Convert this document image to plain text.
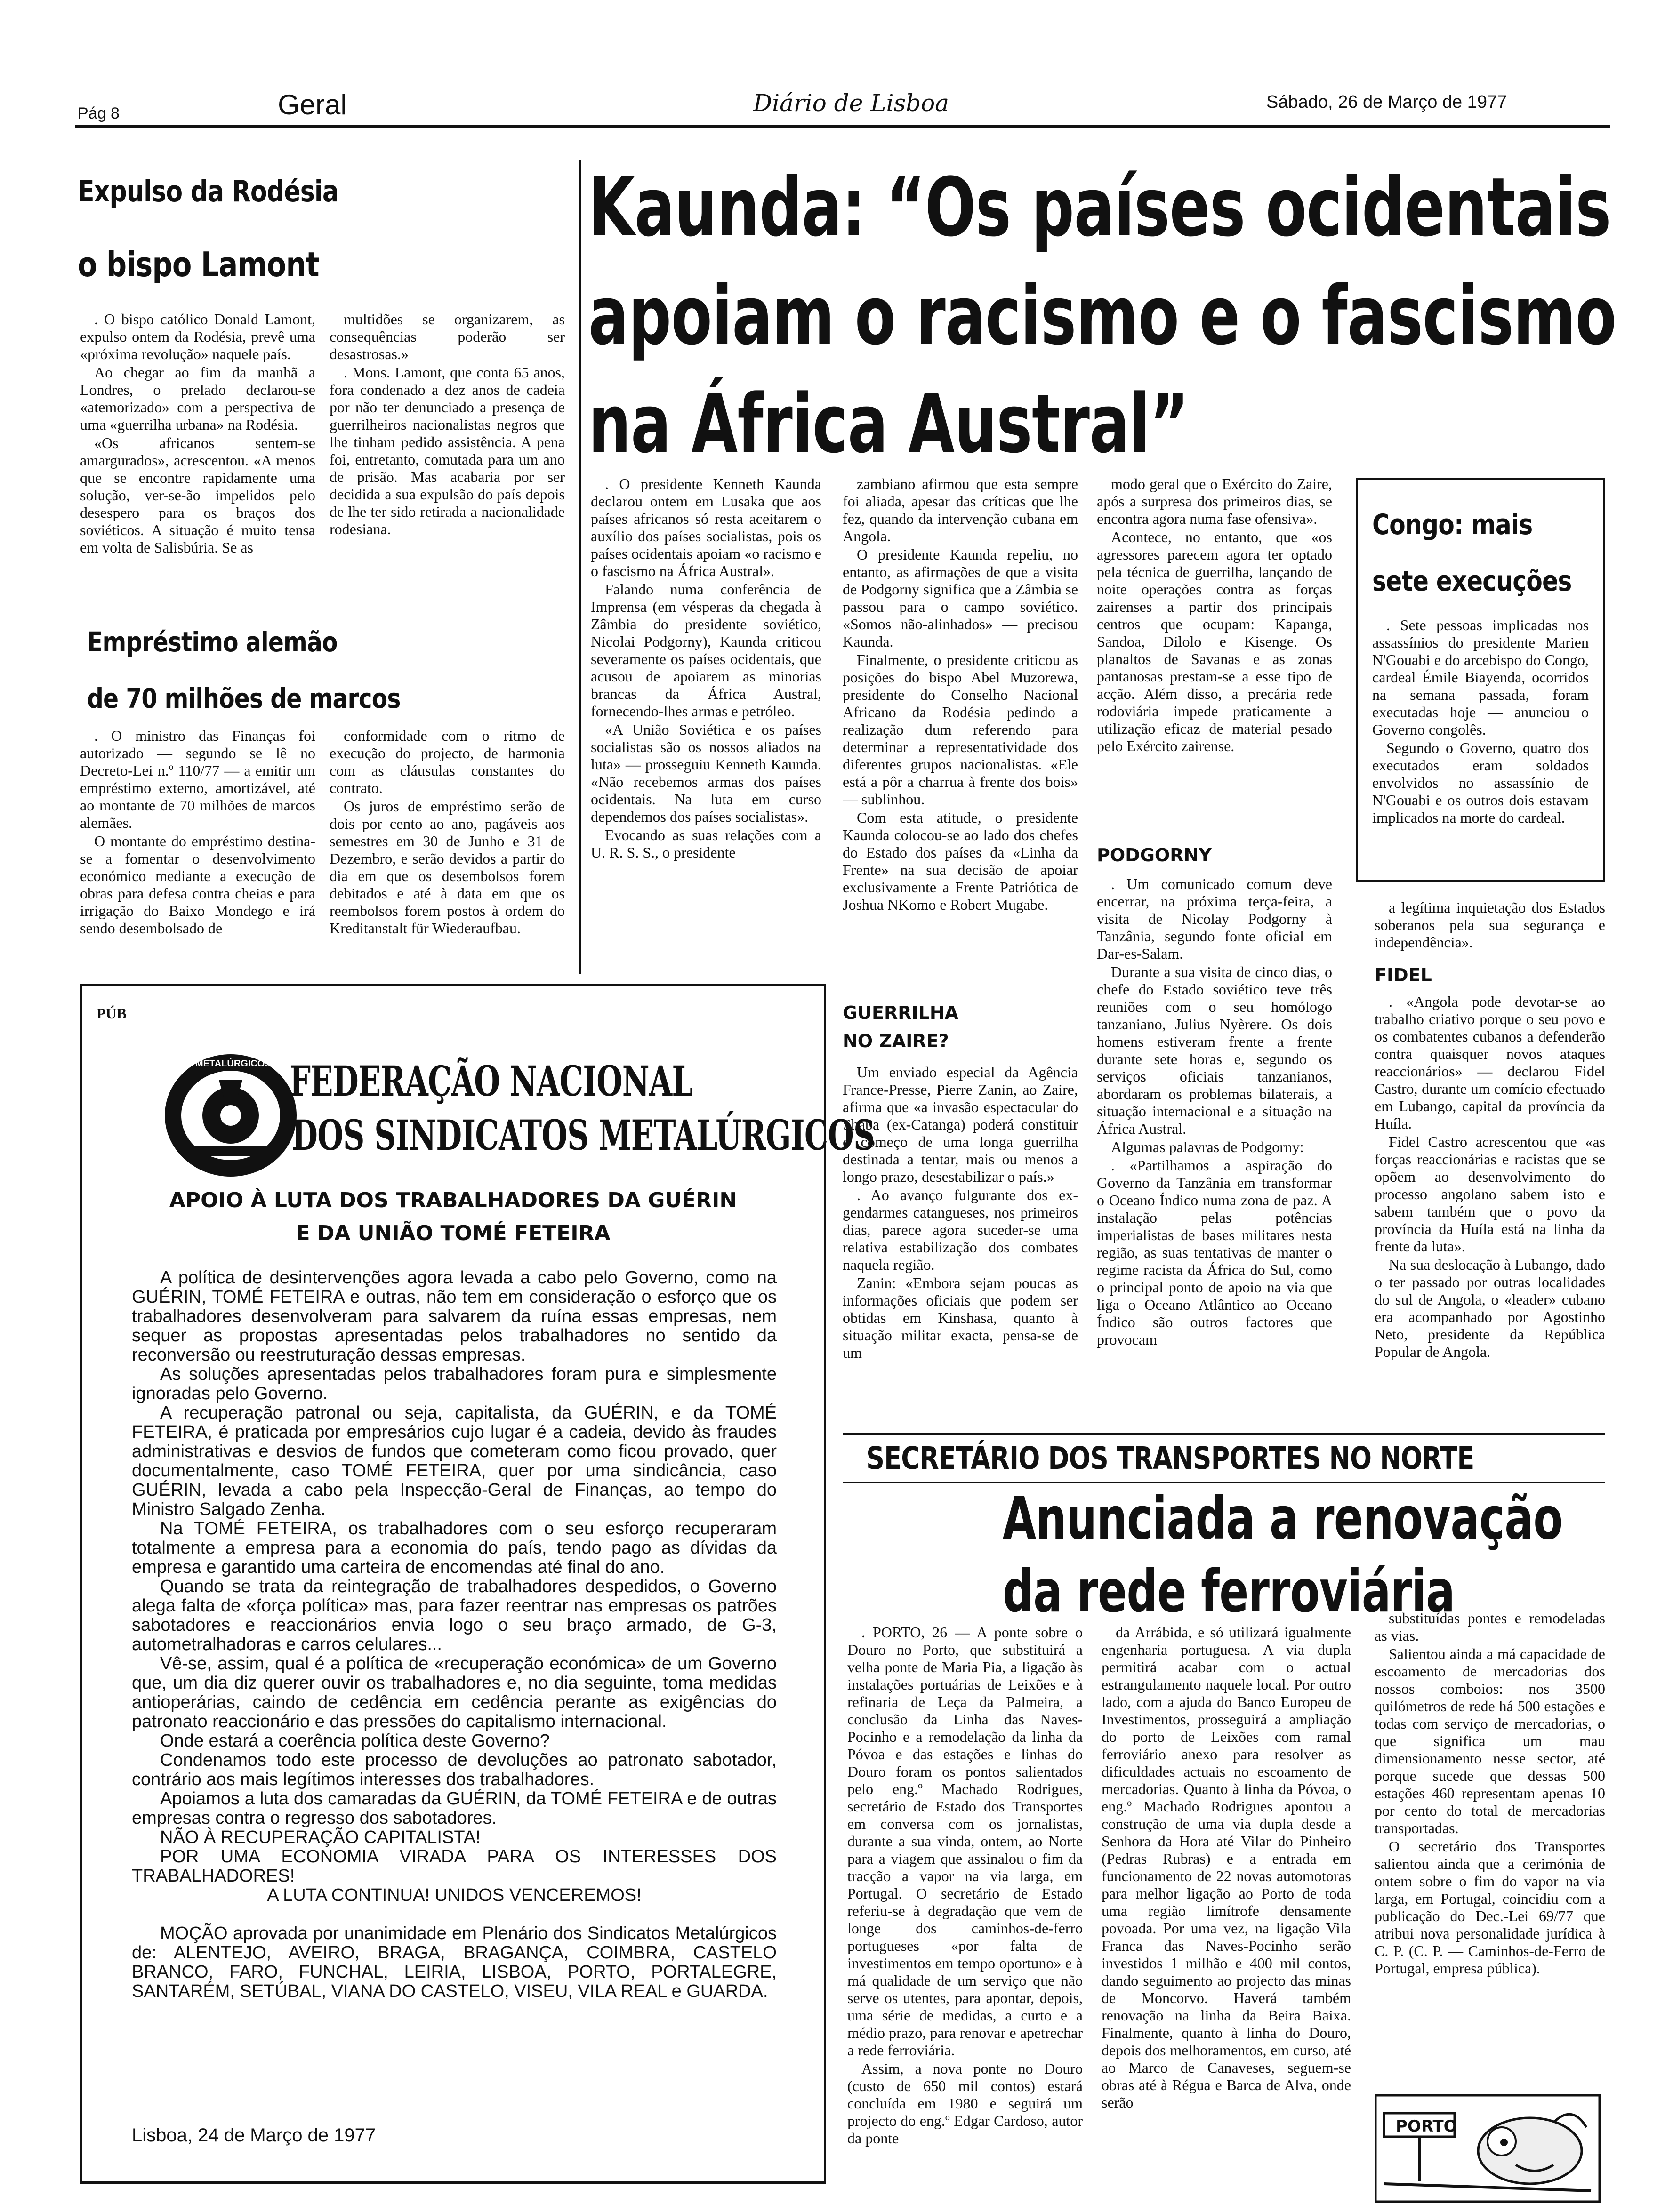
Pág 8	Geral	Diário de Lisboa	Sábado, 26 de Março de 1977
Expulso da Rodésia
o bispo Lamont

. O bispo católico Donald Lamont, expulso ontem da Rodésia, prevê uma «próxima revolução» naquele país.

Ao chegar ao fim da manhã a Londres, o prelado declarou-se «atemorizado» com a perspectiva de uma «guerrilha urbana» na Rodésia.

«Os africanos sentem-se amargurados», acrescentou. «A menos que se encontre rapidamente uma solução, ver-se-ão impelidos pelo desespero para os braços dos soviéticos. A situação é muito tensa em volta de Salisbúria. Se as

multidões se organizarem, as consequências poderão ser desastrosas.»

. Mons. Lamont, que conta 65 anos, fora condenado a dez anos de cadeia por não ter denunciado a presença de guerrilheiros nacionalistas negros que lhe tinham pedido assistência. A pena foi, entretanto, comutada para um ano de prisão. Mas acabaria por ser decidida a sua expulsão do país depois de lhe ter sido retirada a nacionalidade rodesiana.

Empréstimo alemão
de 70 milhões de marcos

. O ministro das Finanças foi autorizado — segundo se lê no Decreto-Lei n.º 110/77 — a emitir um empréstimo externo, amortizável, até ao montante de 70 milhões de marcos alemães.

O montante do empréstimo destina-se a fomentar o desenvolvimento económico mediante a execução de obras para defesa contra cheias e para irrigação do Baixo Mondego e irá sendo desembolsado de

conformidade com o ritmo de execução do projecto, de harmonia com as cláusulas constantes do contrato.

Os juros de empréstimo serão de dois por cento ao ano, pagáveis aos semestres em 30 de Junho e 31 de Dezembro, e serão devidos a partir do dia em que os desembolsos forem debitados e até à data em que os reembolsos forem postos à ordem do Kreditanstalt für Wiederaufbau.

Kaunda: “Os países ocidentais
apoiam o racismo e o fascismo
na África Austral”

. O presidente Kenneth Kaunda declarou ontem em Lusaka que aos países africanos só resta aceitarem o auxílio dos países socialistas, pois os países ocidentais apoiam «o racismo e o fascismo na África Austral».

Falando numa conferência de Imprensa (em vésperas da chegada à Zâmbia do presidente soviético, Nicolai Podgorny), Kaunda criticou severamente os países ocidentais, que acusou de apoiarem as minorias brancas da África Austral, fornecendo-lhes armas e petróleo.

«A União Soviética e os países socialistas são os nossos aliados na luta» — prosseguiu Kenneth Kaunda. «Não recebemos armas dos países ocidentais. Na luta em curso dependemos dos países socialistas».

Evocando as suas relações com a U. R. S. S., o presidente

zambiano afirmou que esta sempre foi aliada, apesar das críticas que lhe fez, quando da intervenção cubana em Angola.

O presidente Kaunda repeliu, no entanto, as afirmações de que a visita de Podgorny significa que a Zâmbia se passou para o campo soviético. «Somos não-alinhados» — precisou Kaunda.

Finalmente, o presidente criticou as posições do bispo Abel Muzorewa, presidente do Conselho Nacional Africano da Rodésia pedindo a realização dum referendo para determinar a representatividade dos diferentes grupos nacionalistas. «Ele está a pôr a charrua à frente dos bois» — sublinhou.

Com esta atitude, o presidente Kaunda colocou-se ao lado dos chefes do Estado dos países da «Linha da Frente» na sua decisão de apoiar exclusivamente a Frente Patriótica de Joshua NKomo e Robert Mugabe.

GUERRILHA
NO ZAIRE?

Um enviado especial da Agência France-Presse, Pierre Zanin, ao Zaire, afirma que «a invasão espectacular do Shaba (ex-Catanga) poderá constituir o começo de uma longa guerrilha destinada a tentar, mais ou menos a longo prazo, desestabilizar o país.»

. Ao avanço fulgurante dos ex-gendarmes catangueses, nos primeiros dias, parece agora suceder-se uma relativa estabilização dos combates naquela região.

Zanin: «Embora sejam poucas as informações oficiais que podem ser obtidas em Kinshasa, quanto à situação militar exacta, pensa-se de um

modo geral que o Exército do Zaire, após a surpresa dos primeiros dias, se encontra agora numa fase ofensiva».

Acontece, no entanto, que «os agressores parecem agora ter optado pela técnica de guerrilha, lançando de noite operações contra as forças zairenses a partir dos principais centros que ocupam: Kapanga, Sandoa, Dilolo e Kisenge. Os planaltos de Savanas e as zonas pantanosas prestam-se a esse tipo de acção. Além disso, a precária rede rodoviária impede praticamente a utilização eficaz de material pesado pelo Exército zairense.

PODGORNY

. Um comunicado comum deve encerrar, na próxima terça-feira, a visita de Nicolay Podgorny à Tanzânia, segundo fonte oficial em Dar-es-Salam.

Durante a sua visita de cinco dias, o chefe do Estado soviético teve três reuniões com o seu homólogo tanzaniano, Julius Nyèrere. Os dois homens estiveram frente a frente durante sete horas e, segundo os serviços oficiais tanzanianos, abordaram os problemas bilaterais, a situação internacional e a situação na África Austral.

Algumas palavras de Podgorny:

. «Partilhamos a aspiração do Governo da Tanzânia em transformar o Oceano Índico numa zona de paz. A instalação pelas potências imperialistas de bases militares nesta região, as suas tentativas de manter o regime racista da África do Sul, como o principal ponto de apoio na via que liga o Oceano Atlântico ao Oceano Índico são outros factores que provocam

Congo: mais
sete execuções

. Sete pessoas implicadas nos assassínios do presidente Marien N'Gouabi e do arcebispo do Congo, cardeal Émile Biayenda, ocorridos na semana passada, foram executadas hoje — anunciou o Governo congolês.

Segundo o Governo, quatro dos executados eram soldados envolvidos no assassínio de N'Gouabi e os outros dois estavam implicados na morte do cardeal.

a legítima inquietação dos Estados soberanos pela sua segurança e independência».

FIDEL

. «Angola pode devotar-se ao trabalho criativo porque o seu povo e os combatentes cubanos a defenderão contra quaisquer novos ataques reaccionários» — declarou Fidel Castro, durante um comício efectuado em Lubango, capital da província da Huíla.

Fidel Castro acrescentou que «as forças reaccionárias e racistas que se opõem ao desenvolvimento do processo angolano sabem isto e sabem também que o povo da província da Huíla está na linha da frente da luta».

Na sua deslocação à Lubango, dado o ter passado por outras localidades do sul de Angola, o «leader» cubano era acompanhado por Agostinho Neto, presidente da República Popular de Angola.

PÚB
METALÚRGICOS FEDERAÇÃO NACIONAL
DOS SINDICATOS METALÚRGICOS
APOIO À LUTA DOS TRABALHADORES DA GUÉRIN
E DA UNIÃO TOMÉ FETEIRA

A política de desintervenções agora levada a cabo pelo Governo, como na GUÉRIN, TOMÉ FETEIRA e outras, não tem em consideração o esforço que os trabalhadores desenvolveram para salvarem da ruína essas empresas, nem sequer as propostas apresentadas pelos trabalhadores no sentido da reconversão ou reestruturação dessas empresas.

As soluções apresentadas pelos trabalhadores foram pura e simplesmente ignoradas pelo Governo.

A recuperação patronal ou seja, capitalista, da GUÉRIN, e da TOMÉ FETEIRA, é praticada por empresários cujo lugar é a cadeia, devido às fraudes administrativas e desvios de fundos que cometeram como ficou provado, quer documentalmente, caso TOMÉ FETEIRA, quer por uma sindicância, caso GUÉRIN, levada a cabo pela Inspecção-Geral de Finanças, ao tempo do Ministro Salgado Zenha.

Na TOMÉ FETEIRA, os trabalhadores com o seu esforço recuperaram totalmente a empresa para a economia do país, tendo pago as dívidas da empresa e garantido uma carteira de encomendas até final do ano.

Quando se trata da reintegração de trabalhadores despedidos, o Governo alega falta de «força política» mas, para fazer reentrar nas empresas os patrões sabotadores e reaccionários envia logo o seu braço armado, de G-3, autometralhadoras e carros celulares...

Vê-se, assim, qual é a política de «recuperação económica» de um Governo que, um dia diz querer ouvir os trabalhadores e, no dia seguinte, toma medidas antioperárias, caindo de cedência em cedência perante as exigências do patronato reaccionário e das pressões do capitalismo internacional.

Onde estará a coerência política deste Governo?

Condenamos todo este processo de devoluções ao patronato sabotador, contrário aos mais legítimos interesses dos trabalhadores.

Apoiamos a luta dos camaradas da GUÉRIN, da TOMÉ FETEIRA e de outras empresas contra o regresso dos sabotadores.

NÃO À RECUPERAÇÃO CAPITALISTA!

POR UMA ECONOMIA VIRADA PARA OS INTERESSES DOS TRABALHADORES!

A LUTA CONTINUA! UNIDOS VENCEREMOS!

MOÇÃO aprovada por unanimidade em Plenário dos Sindicatos Metalúrgicos de: ALENTEJO, AVEIRO, BRAGA, BRAGANÇA, COIMBRA, CASTELO BRANCO, FARO, FUNCHAL, LEIRIA, LISBOA, PORTO, PORTALEGRE, SANTARÉM, SETÚBAL, VIANA DO CASTELO, VISEU, VILA REAL e GUARDA.

Lisboa, 24 de Março de 1977
SECRETÁRIO DOS TRANSPORTES NO NORTE
Anunciada a renovação
da rede ferroviária

. PORTO, 26 — A ponte sobre o Douro no Porto, que substituirá a velha ponte de Maria Pia, a ligação às instalações portuárias de Leixões e à refinaria de Leça da Palmeira, a conclusão da Linha das Naves-Pocinho e a remodelação da linha da Póvoa e das estações e linhas do Douro foram os pontos salientados pelo eng.º Machado Rodrigues, secretário de Estado dos Transportes em conversa com os jornalistas, durante a sua vinda, ontem, ao Norte para a viagem que assinalou o fim da tracção a vapor na via larga, em Portugal. O secretário de Estado referiu-se à degradação que vem de longe dos caminhos-de-ferro portugueses «por falta de investimentos em tempo oportuno» e à má qualidade de um serviço que não serve os utentes, para apontar, depois, uma série de medidas, a curto e a médio prazo, para renovar e apetrechar a rede ferroviária.

Assim, a nova ponte no Douro (custo de 650 mil contos) estará concluída em 1980 e seguirá um projecto do eng.º Edgar Cardoso, autor da ponte

da Arrábida, e só utilizará igualmente engenharia portuguesa. A via dupla permitirá acabar com o actual estrangulamento naquele local. Por outro lado, com a ajuda do Banco Europeu de Investimentos, prosseguirá a ampliação do porto de Leixões com ramal ferroviário anexo para resolver as dificuldades actuais no escoamento de mercadorias. Quanto à linha da Póvoa, o eng.º Machado Rodrigues apontou a construção de uma via dupla desde a Senhora da Hora até Vilar do Pinheiro (Pedras Rubras) e a entrada em funcionamento de 22 novas automotoras para melhor ligação ao Porto de toda uma região limítrofe densamente povoada. Por uma vez, na ligação Vila Franca das Naves-Pocinho serão investidos 1 milhão e 400 mil contos, dando seguimento ao projecto das minas de Moncorvo. Haverá também renovação na linha da Beira Baixa. Finalmente, quanto à linha do Douro, depois dos melhoramentos, em curso, até ao Marco de Canaveses, seguem-se obras até à Régua e Barca de Alva, onde serão

substituídas pontes e remodeladas as vias.

Salientou ainda a má capacidade de escoamento de mercadorias dos nossos comboios: nos 3500 quilómetros de rede há 500 estações e todas com serviço de mercadorias, o que significa um mau dimensionamento nesse sector, até porque sucede que dessas 500 estações 460 representam apenas 10 por cento do total de mercadorias transportadas.

O secretário dos Transportes salientou ainda que a cerimónia de ontem sobre o fim do vapor na via larga, em Portugal, coincidiu com a publicação do Dec.-Lei 69/77 que atribui nova personalidade jurídica à C. P. (C. P. — Caminhos-de-Ferro de Portugal, empresa pública).

PORTO
